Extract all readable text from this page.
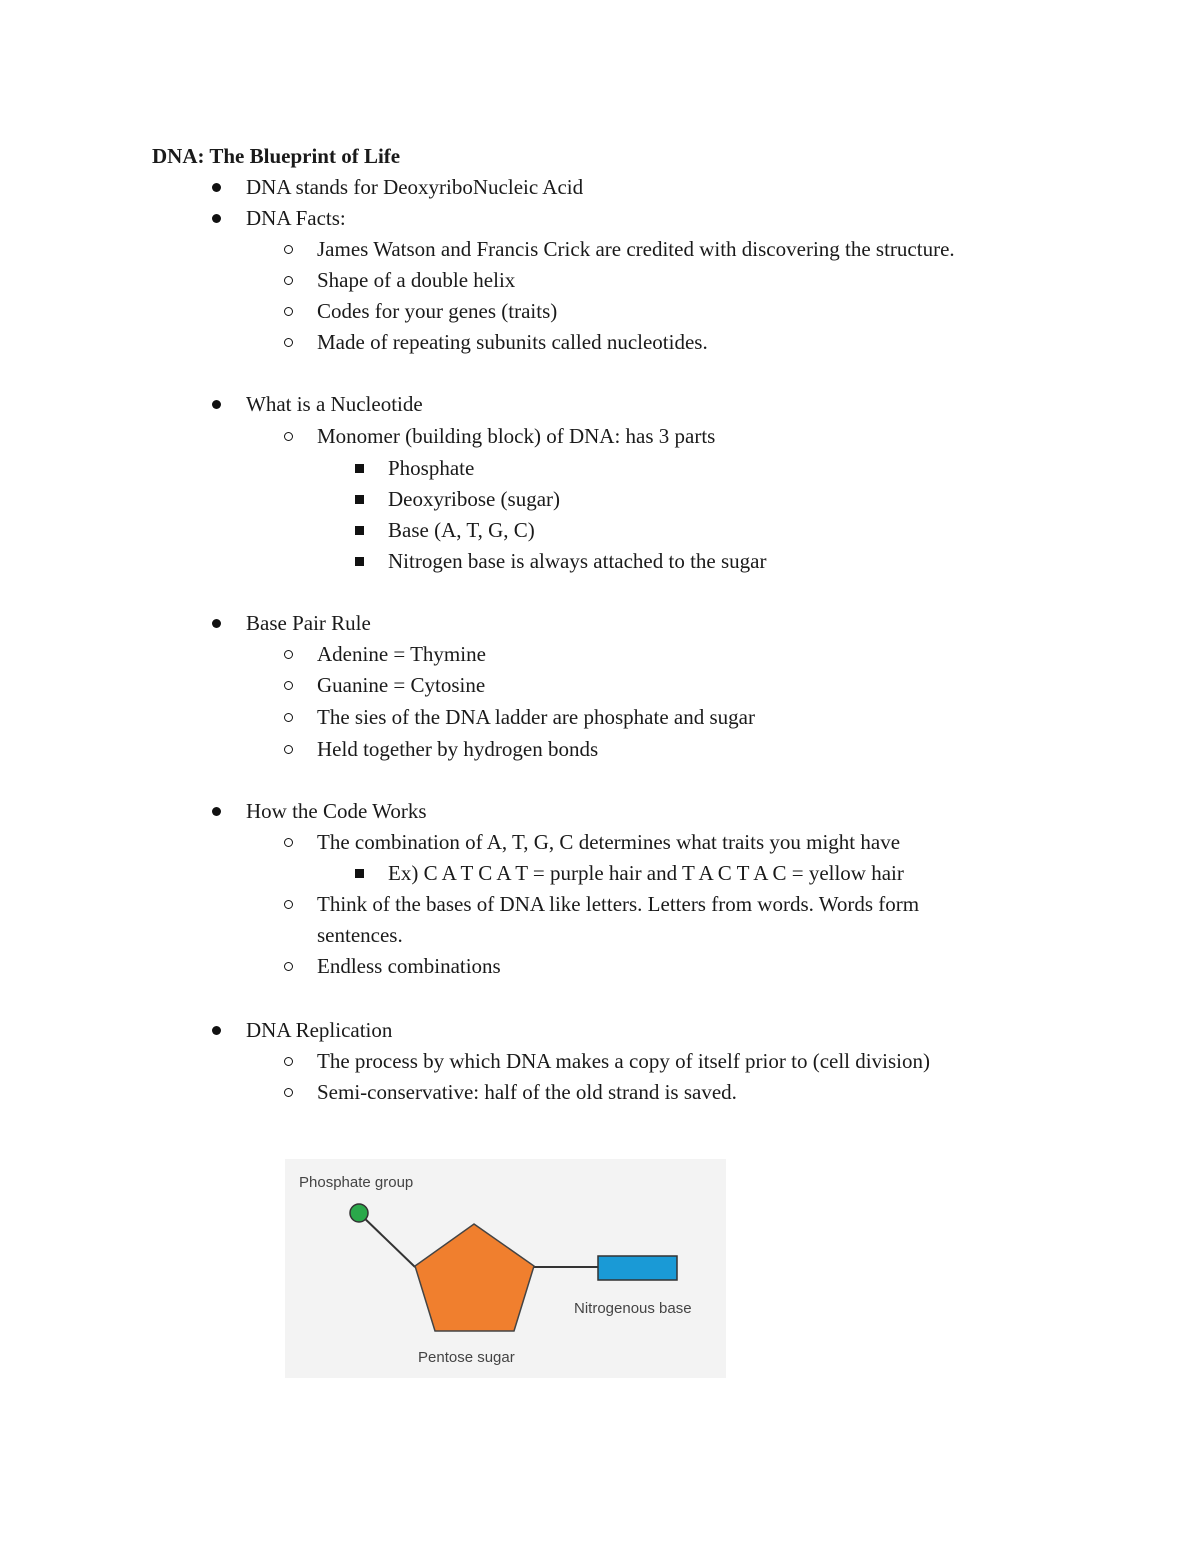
DNA: The Blueprint of Life
DNA stands for DeoxyriboNucleic Acid
DNA Facts:
James Watson and Francis Crick are credited with discovering the structure.
Shape of a double helix
Codes for your genes (traits)
Made of repeating subunits called nucleotides.
What is a Nucleotide
Monomer (building block) of DNA: has 3 parts
Phosphate
Deoxyribose (sugar)
Base (A, T, G, C)
Nitrogen base is always attached to the sugar
Base Pair Rule
Adenine = Thymine
Guanine = Cytosine
The sies of the DNA ladder are phosphate and sugar
Held together by hydrogen bonds
How the Code Works
The combination of A, T, G, C determines what traits you might have
Ex) C A T C A T = purple hair and T A C T A C = yellow hair
Think of the bases of DNA like letters. Letters from words. Words form
sentences.
Endless combinations
DNA Replication
The process by which DNA makes a copy of itself prior to (cell division)
Semi-conservative: half of the old strand is saved.
Phosphate group
Nitrogenous base
Pentose sugar
